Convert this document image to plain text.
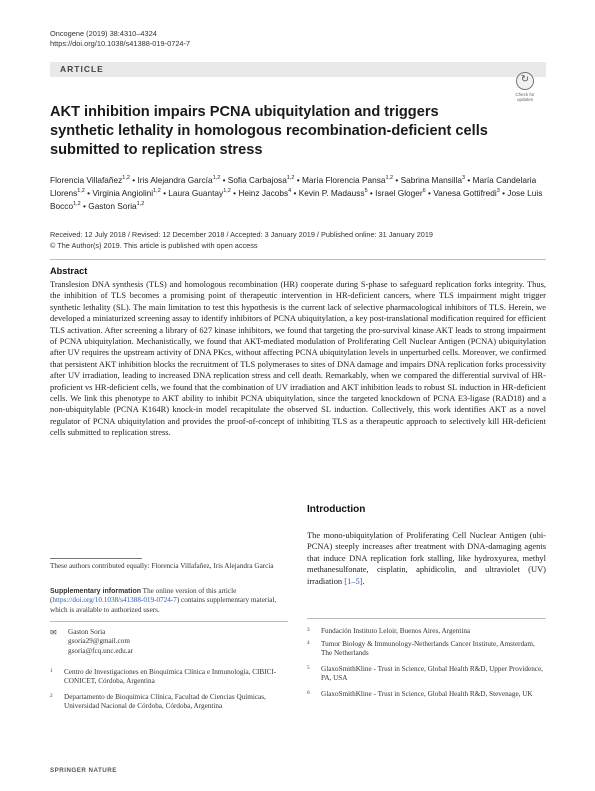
Oncogene (2019) 38:4310–4324
https://doi.org/10.1038/s41388-019-0724-7
ARTICLE
↻
Check for updates
AKT inhibition impairs PCNA ubiquitylation and triggers synthetic lethality in homologous recombination-deficient cells submitted to replication stress
Florencia Villafañez$^{1,2}$ • Iris Alejandra García$^{1,2}$ • Sofia Carbajosa$^{1,2}$ • María Florencia Pansa$^{1,2}$ • Sabrina Mansilla$^3$ • María Candelaria Llorens$^{1,2}$ • Virginia Angiolini$^{1,2}$ • Laura Guantay$^{1,2}$ • Heinz Jacobs$^4$ • Kevin P. Madauss$^5$ • Israel Gloger$^6$ • Vanesa Gottifredi$^3$ • Jose Luis Bocco$^{1,2}$ • Gaston Soria$^{1,2}$
Received: 12 July 2018 / Revised: 12 December 2018 / Accepted: 3 January 2019 / Published online: 31 January 2019
© The Author(s) 2019. This article is published with open access
Abstract
Translesion DNA synthesis (TLS) and homologous recombination (HR) cooperate during S-phase to safeguard replication forks integrity. Thus, the inhibition of TLS becomes a promising point of therapeutic intervention in HR-deficient cancers, where TLS impairment might trigger synthetic lethality (SL). The main limitation to test this hypothesis is the current lack of selective pharmacological inhibitors of TLS. Herein, we developed a miniaturized screening assay to identify inhibitors of PCNA ubiquitylation, a key post-translational modification required for efficient TLS activation. After screening a library of 627 kinase inhibitors, we found that targeting the pro-survival kinase AKT leads to strong impairment of PCNA ubiquitylation. Mechanistically, we found that AKT-mediated modulation of Proliferating Cell Nuclear Antigen (PCNA) ubiquitylation after UV requires the upstream activity of DNA PKcs, without affecting PCNA ubiquitylation levels in unperturbed cells. Moreover, we confirmed that persistent AKT inhibition blocks the recruitment of TLS polymerases to sites of DNA damage and impairs DNA replication forks processivity after UV irradiation, leading to increased DNA replication stress and cell death. Remarkably, when we compared the differential survival of HR-proficient vs HR-deficient cells, we found that the combination of UV irradiation and AKT inhibition leads to robust SL induction in HR-deficient cells. We link this phenotype to AKT ability to inhibit PCNA ubiquitylation, since the targeted knockdown of PCNA E3-ligase (RAD18) and a non-ubiquitylable (PCNA K164R) knock-in model recapitulate the observed SL induction. Collectively, this work identifies AKT as a novel regulator of PCNA ubiquitylation and provides the proof-of-concept of inhibiting TLS as a therapeutic approach to selectively kill HR-deficient cells submitted to replication stress.
Introduction
The mono-ubiquitylation of Proliferating Cell Nuclear Antigen (ubi-PCNA) steeply increases after treatment with DNA-damaging agents that induce DNA replication fork stalling, like hydroxyurea, methyl methanesulfonate, cisplatin, aphidicolin, and ultraviolet (UV) irradiation [1–5].
These authors contributed equally: Florencia Villafañez, Iris Alejandra García
Supplementary information The online version of this article (https://doi.org/10.1038/s41388-019-0724-7) contains supplementary material, which is available to authorized users.
✉ Gaston Soria
gsoria29@gmail.com
gsoria@fcq.unc.edu.ar
1 Centro de Investigaciones en Bioquímica Clínica e Inmunología, CIBICI-CONICET, Córdoba, Argentina
2 Departamento de Bioquímica Clínica, Facultad de Ciencias Químicas, Universidad Nacional de Córdoba, Córdoba, Argentina
3 Fundación Instituto Leloir, Buenos Aires, Argentina
4 Tumor Biology & Immunology-Netherlands Cancer Institute, Amsterdam, The Netherlands
5 GlaxoSmithKline - Trust in Science, Global Health R&D, Upper Providence, PA, USA
6 GlaxoSmithKline - Trust in Science, Global Health R&D, Stevenage, UK
SPRINGER NATURE
